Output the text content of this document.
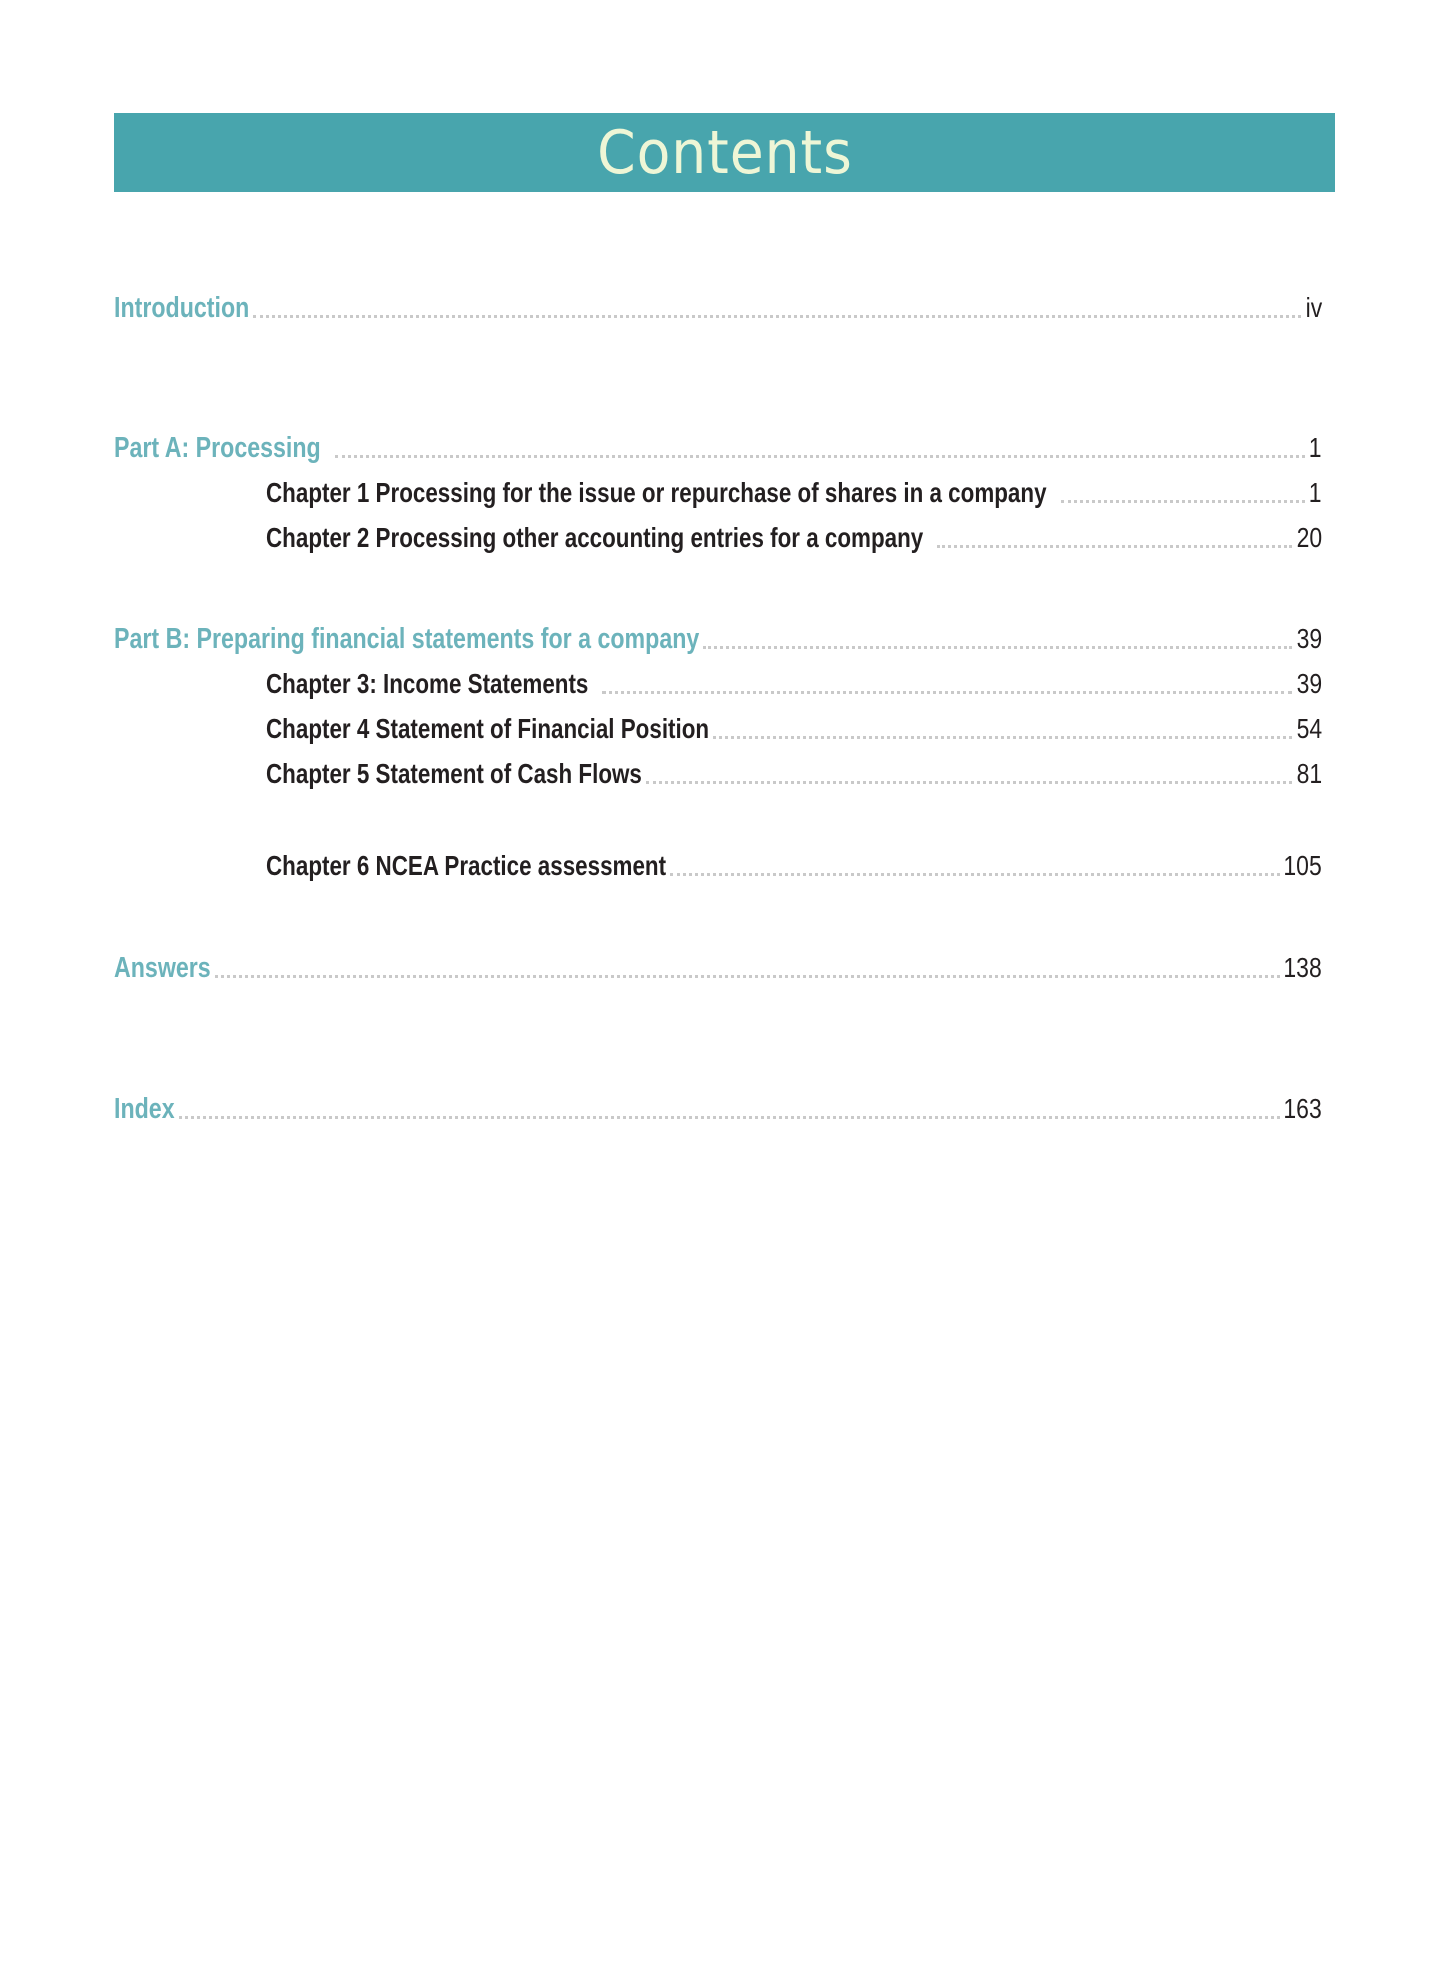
Contents
Introduction	iv
Part A: Processing	1
Chapter 1 Processing for the issue or repurchase of shares in a company	1
Chapter 2 Processing other accounting entries for a company	20
Part B: Preparing financial statements for a company	39
Chapter 3: Income Statements	39
Chapter 4 Statement of Financial Position	54
Chapter 5 Statement of Cash Flows	81
Chapter 6 NCEA Practice assessment	105
Answers	138
Index	163
